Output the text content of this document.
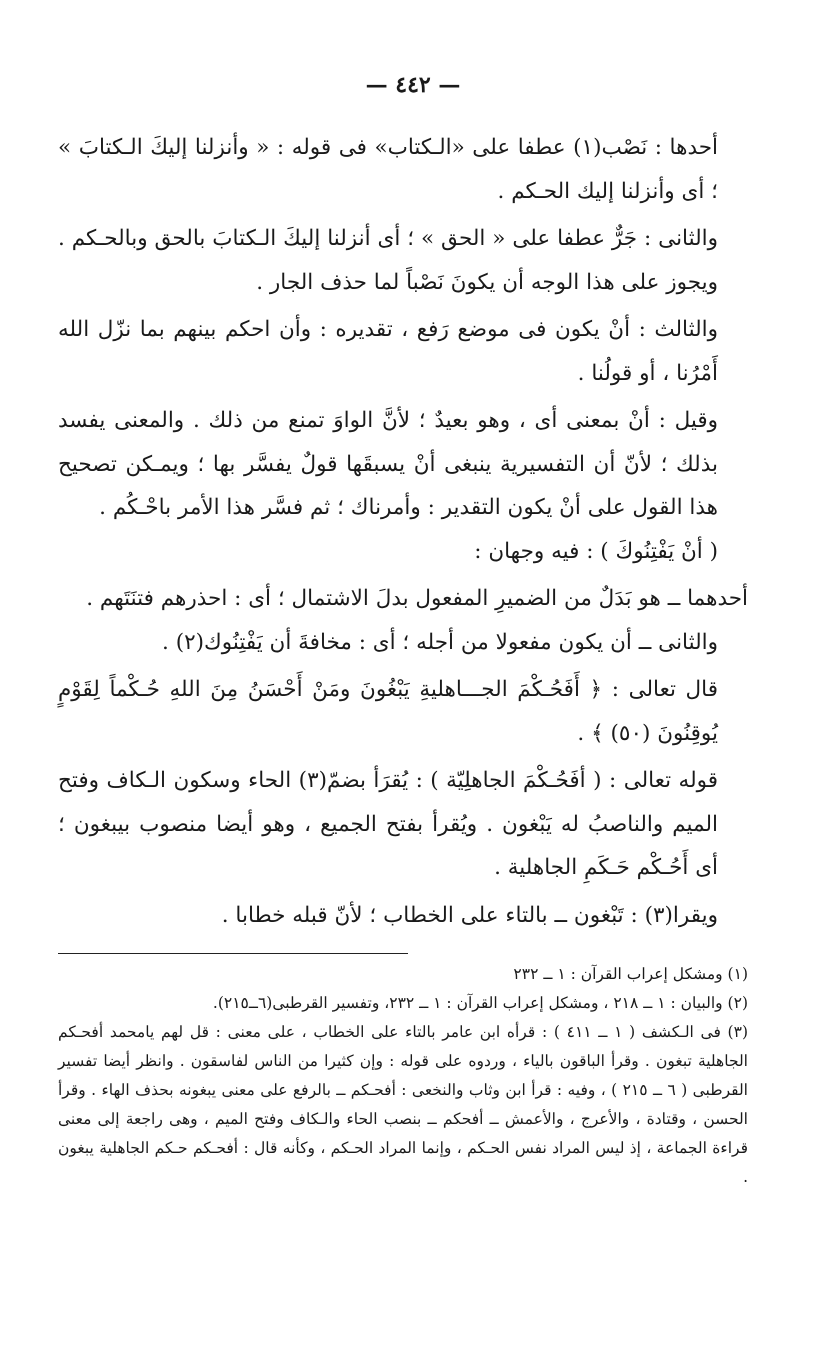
— ٤٤٢ —

أحدها : نَصْب(١) عطفا على «الـكتاب» فى قوله : « وأنزلنا إليكَ الـكتابَ » ؛ أى وأنزلنا إليك الحـكم .

والثانى : جَرٌّ عطفا على « الحق » ؛ أى أنزلنا إليكَ الـكتابَ بالحق وبالحـكم . ويجوز على هذا الوجه أن يكونَ نَصْباً لما حذف الجار .

والثالث : أنْ يكون فى موضع رَفع ، تقديره : وأن احكم بينهم بما نزّل الله أَمْرُنا ، أو قولُنا .

وقيل : أنْ بمعنى أى ، وهو بعيدٌ ؛ لأنَّ الواوَ تمنع من ذلك . والمعنى يفسد بذلك ؛ لأنّ أن التفسيرية ينبغى أنْ يسبقَها قولٌ يفسَّر بها ؛ ويمـكن تصحيح هذا القول على أنْ يكون التقدير : وأمرناك ؛ ثم فسَّر هذا الأمر باحْـكُم .

( أنْ يَفْتِنُوكَ ) : فيه وجهان :

أحدهما ــ هو بَدَلٌ من الضميرِ المفعول بدلَ الاشتمال ؛ أى : احذرهم فتنَتَهم .

والثانى ــ أن يكون مفعولا من أجله ؛ أى : مخافةَ أن يَفْتِنُوك(٢) .

قال تعالى : ﴿ أَفَحُـكْمَ الجـــاهليةِ يَبْغُونَ ومَنْ أَحْسَنُ مِنَ اللهِ حُـكْماً لِقَوْمٍ يُوقِنُونَ (٥٠) ﴾ .

قوله تعالى : ( أفَحُـكْمَ الجاهلِيّة ) : يُقرَأ بضمّ(٣) الحاء وسكون الـكاف وفتح الميم والناصبُ له يَبْغون . ويُقرأ بفتح الجميع ، وهو أيضا منصوب بيبغون ؛ أى أَحُـكْم حَـكَمِ الجاهلية .

ويقرا(٣) : تَبْغون ــ بالتاء على الخطاب ؛ لأنّ قبله خطابا .

(١) ومشكل إعراب القرآن : ١ ــ ٢٣٢

(٢) والبيان : ١ ــ ٢١٨ ، ومشكل إعراب القرآن : ١ ــ ٢٣٢، وتفسير القرطبى(٦ــ٢١٥).

(٣) فى الـكشف ( ١ ــ ٤١١ ) : قرأه ابن عامر بالتاء على الخطاب ، على معنى : قل لهم يامحمد أفحـكم الجاهلية تبغون . وقرأ الباقون بالياء ، وردوه على قوله : وإن كثيرا من الناس لفاسقون . وانظر أيضا تفسير القرطبى ( ٦ ــ ٢١٥ ) ، وفيه : قرأ ابن وثاب والنخعى : أفحـكم ــ بالرفع على معنى يبغونه بحذف الهاء . وقرأ الحسن ، وقتادة ، والأعرج ، والأعمش ــ أفحكم ــ بنصب الحاء والـكاف وفتح الميم ، وهى راجعة إلى معنى قراءة الجماعة ، إذ ليس المراد نفس الحـكم ، وإنما المراد الحـكم ، وكأنه قال : أفحـكم حـكم الجاهلية يبغون .
